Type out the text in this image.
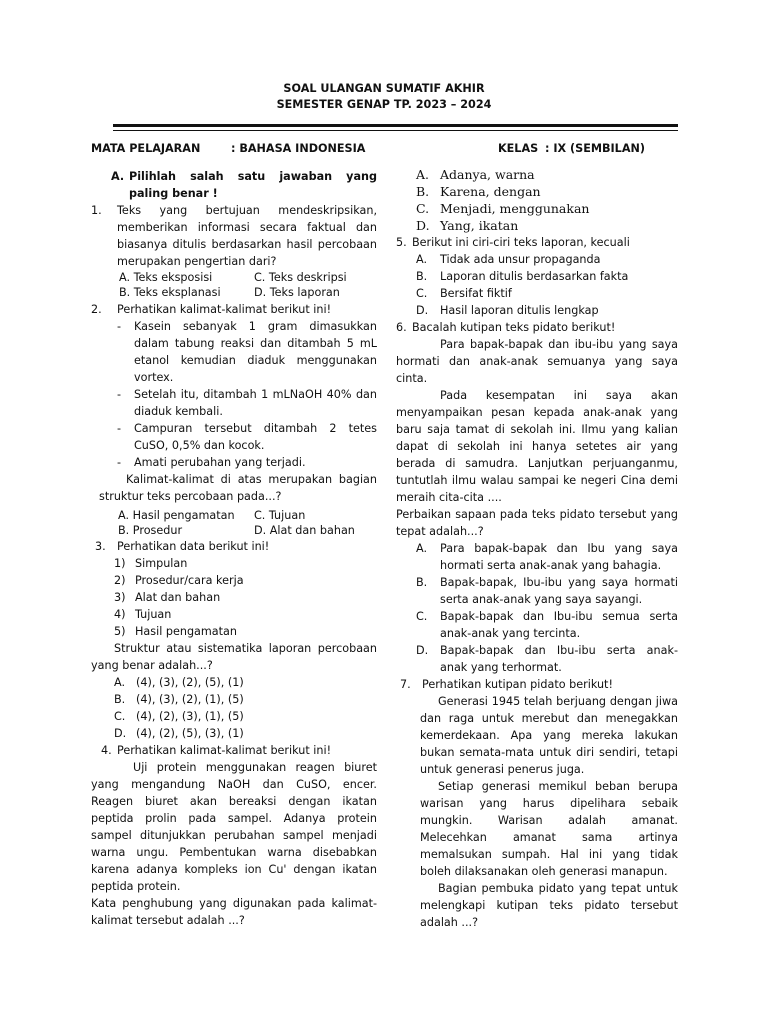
SOAL ULANGAN SUMATIF AKHIR
SEMESTER GENAP TP. 2023 – 2024
MATA PELAJARAN	: BAHASA INDONESIA	KELAS : IX (SEMBILAN)
A. Pilihlah salah satu jawaban yang paling benar !
1.	Teks yang bertujuan mendeskripsikan, memberikan informasi secara faktual dan biasanya ditulis berdasarkan hasil percobaan merupakan pengertian dari?
A. Teks eksposisi	C. Teks deskripsi
B. Teks eksplanasi	D. Teks laporan
2.	Perhatikan kalimat-kalimat berikut ini!
-	Kasein sebanyak 1 gram dimasukkan dalam tabung reaksi dan ditambah 5 mL etanol kemudian diaduk menggunakan vortex.
-	Setelah itu, ditambah 1 mLNaOH 40% dan diaduk kembali.
-	Campuran tersebut ditambah 2 tetes CuSO, 0,5% dan kocok.
-	Amati perubahan yang terjadi.
Kalimat-kalimat di atas merupakan bagian struktur teks percobaan pada...?
A. Hasil pengamatan	C. Tujuan
B. Prosedur	D. Alat dan bahan
3.	Perhatikan data berikut ini!
1) Simpulan
2) Prosedur/cara kerja
3) Alat dan bahan
4) Tujuan
5) Hasil pengamatan
Struktur atau sistematika laporan percobaan yang benar adalah...?
A. (4), (3), (2), (5), (1)
B. (4), (3), (2), (1), (5)
C. (4), (2), (3), (1), (5)
D. (4), (2), (5), (3), (1)
4. Perhatikan kalimat-kalimat berikut ini!
Uji protein menggunakan reagen biuret yang mengandung NaOH dan CuSO, encer. Reagen biuret akan bereaksi dengan ikatan peptida prolin pada sampel. Adanya protein sampel ditunjukkan perubahan sampel menjadi warna ungu. Pembentukan warna disebabkan karena adanya kompleks ion Cu' dengan ikatan peptida protein.
Kata penghubung yang digunakan pada kalimat-kalimat tersebut adalah ...?
A. Adanya, warna
B. Karena, dengan
C. Menjadi, menggunakan
D. Yang, ikatan
5. Berikut ini ciri-ciri teks laporan, kecuali
A.	Tidak ada unsur propaganda
B.	Laporan ditulis berdasarkan fakta
C.	Bersifat fiktif
D.	Hasil laporan ditulis lengkap
6. Bacalah kutipan teks pidato berikut!
Para bapak-bapak dan ibu-ibu yang saya hormati dan anak-anak semuanya yang saya cinta.
Pada kesempatan ini saya akan menyampaikan pesan kepada anak-anak yang baru saja tamat di sekolah ini. Ilmu yang kalian dapat di sekolah ini hanya setetes air yang berada di samudra. Lanjutkan perjuanganmu, tuntutlah ilmu walau sampai ke negeri Cina demi meraih cita-cita ....
Perbaikan sapaan pada teks pidato tersebut yang tepat adalah...?
A.	Para bapak-bapak dan Ibu yang saya hormati serta anak-anak yang bahagia.
B.	Bapak-bapak, Ibu-ibu yang saya hormati serta anak-anak yang saya sayangi.
C.	Bapak-bapak dan Ibu-ibu semua serta anak-anak yang tercinta.
D.	Bapak-bapak dan Ibu-ibu serta anak- anak yang terhormat.
7.	Perhatikan kutipan pidato berikut!
Generasi 1945 telah berjuang dengan jiwa dan raga untuk merebut dan menegakkan kemerdekaan. Apa yang mereka lakukan bukan semata-mata untuk diri sendiri, tetapi untuk generasi penerus juga.
Setiap generasi memikul beban berupa warisan yang harus dipelihara sebaik mungkin. Warisan adalah amanat. Melecehkan amanat sama artinya memalsukan sumpah. Hal ini yang tidak boleh dilaksanakan oleh generasi manapun.
Bagian pembuka pidato yang tepat untuk melengkapi kutipan teks pidato tersebut adalah ...?
